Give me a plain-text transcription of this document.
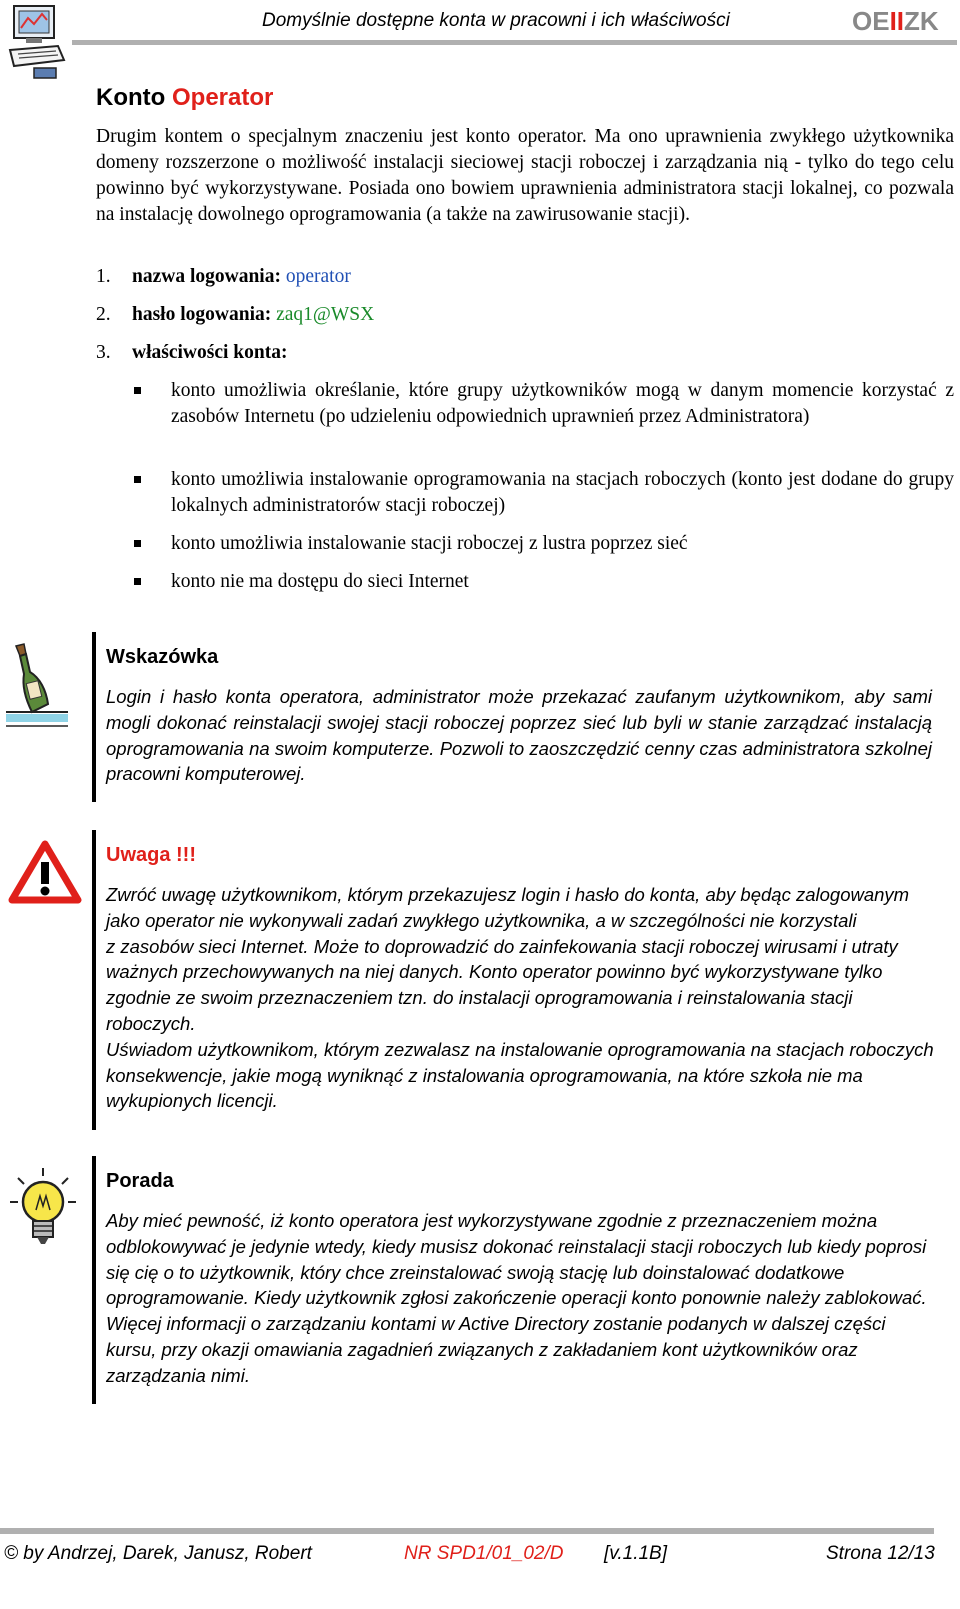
Domyślnie dostępne konta w pracowni i ich właściwości	OEIIZK
Konto Operator
Drugim kontem o specjalnym znaczeniu jest konto operator. Ma ono uprawnienia zwykłego użytkownika domeny rozszerzone o możliwość instalacji sieciowej stacji roboczej i zarządzania nią - tylko do tego celu powinno być wykorzystywane. Posiada ono bowiem uprawnienia administratora stacji lokalnej, co pozwala na instalację dowolnego oprogramowania (a także na zawirusowanie stacji).
1. nazwa logowania: operator
2. hasło logowania: zaq1@WSX
3. właściwości konta:
konto umożliwia określanie, które grupy użytkowników mogą w danym momencie korzystać z zasobów Internetu (po udzieleniu odpowiednich uprawnień przez Administratora)
konto umożliwia instalowanie oprogramowania na stacjach roboczych (konto jest dodane do grupy lokalnych administratorów stacji roboczej)
konto umożliwia instalowanie stacji roboczej z lustra poprzez sieć
konto nie ma dostępu do sieci Internet
Wskazówka
Login i hasło konta operatora, administrator może przekazać zaufanym użytkownikom, aby sami mogli dokonać reinstalacji swojej stacji roboczej poprzez sieć lub byli w stanie zarządzać instalacją oprogramowania na swoim komputerze. Pozwoli to zaoszczędzić cenny czas administratora szkolnej pracowni komputerowej.
Uwaga !!!
Zwróć uwagę użytkownikom, którym przekazujesz login i hasło do konta, aby będąc zalogowanym
jako operator nie wykonywali zadań zwykłego użytkownika, a w szczególności nie korzystali
z zasobów sieci Internet. Może to doprowadzić do zainfekowania stacji roboczej wirusami i utraty
ważnych przechowywanych na niej danych. Konto operator powinno być wykorzystywane tylko
zgodnie ze swoim przeznaczeniem tzn. do instalacji oprogramowania i reinstalowania stacji
roboczych.
Uświadom użytkownikom, którym zezwalasz na instalowanie oprogramowania na stacjach roboczych
konsekwencje, jakie mogą wyniknąć z instalowania oprogramowania, na które szkoła nie ma
wykupionych licencji.
Porada
Aby mieć pewność, iż konto operatora jest wykorzystywane zgodnie z przeznaczeniem można
odblokowywać je jedynie wtedy, kiedy musisz dokonać reinstalacji stacji roboczych lub kiedy poprosi
się cię o to użytkownik, który chce zreinstalować swoją stację lub doinstalować dodatkowe
oprogramowanie. Kiedy użytkownik zgłosi zakończenie operacji konto ponownie należy zablokować.
Więcej informacji o zarządzaniu kontami w Active Directory zostanie podanych w dalszej części
kursu, przy okazji omawiania zagadnień związanych z zakładaniem kont użytkowników oraz
zarządzania nimi.
© by Andrzej, Darek, Janusz, Robert	NR SPD1/01_02/D [v.1.1B]	Strona 12/13
